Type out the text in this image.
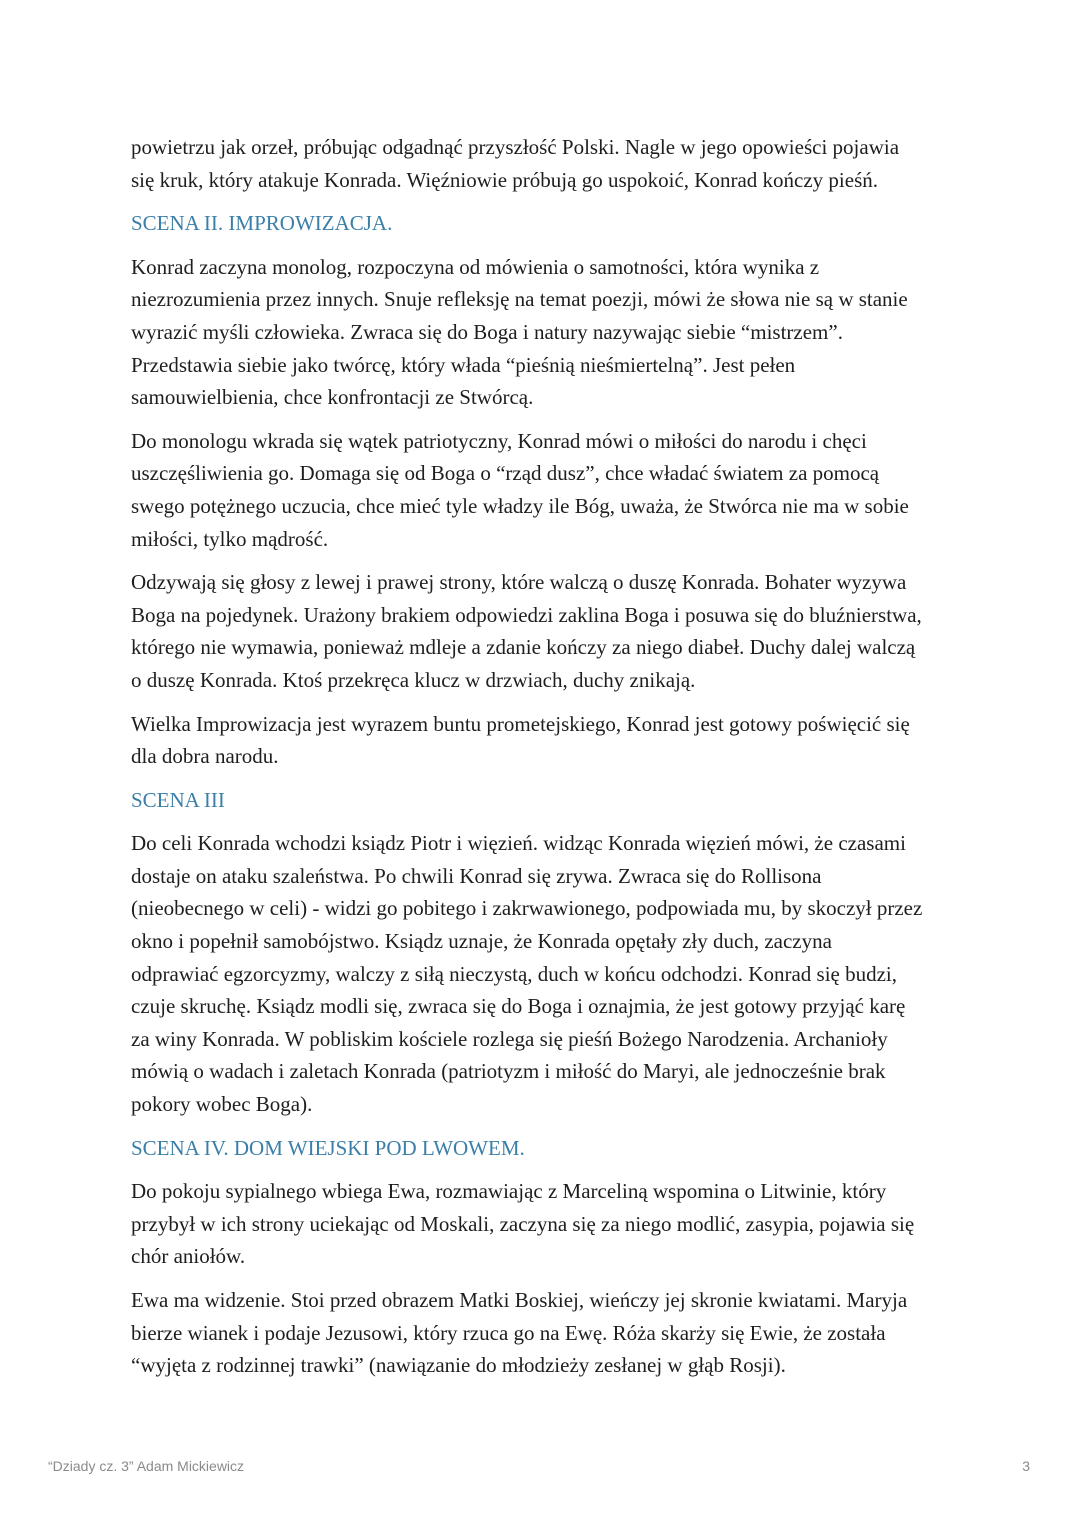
powietrzu jak orzeł, próbując odgadnąć przyszłość Polski. Nagle w jego opowieści pojawia
się kruk, który atakuje Konrada. Więźniowie próbują go uspokoić, Konrad kończy pieśń.
SCENA II. IMPROWIZACJA.
Konrad zaczyna monolog, rozpoczyna od mówienia o samotności, która wynika z
niezrozumienia przez innych. Snuje refleksję na temat poezji, mówi że słowa nie są w stanie
wyrazić myśli człowieka. Zwraca się do Boga i natury nazywając siebie “mistrzem”.
Przedstawia siebie jako twórcę, który włada “pieśnią nieśmiertelną”. Jest pełen
samouwielbienia, chce konfrontacji ze Stwórcą.
Do monologu wkrada się wątek patriotyczny, Konrad mówi o miłości do narodu i chęci
uszczęśliwienia go. Domaga się od Boga o “rząd dusz”, chce władać światem za pomocą
swego potężnego uczucia, chce mieć tyle władzy ile Bóg, uważa, że Stwórca nie ma w sobie
miłości, tylko mądrość.
Odzywają się głosy z lewej i prawej strony, które walczą o duszę Konrada. Bohater wyzywa
Boga na pojedynek. Urażony brakiem odpowiedzi zaklina Boga i posuwa się do bluźnierstwa,
którego nie wymawia, ponieważ mdleje a zdanie kończy za niego diabeł. Duchy dalej walczą
o duszę Konrada. Ktoś przekręca klucz w drzwiach, duchy znikają.
Wielka Improwizacja jest wyrazem buntu prometejskiego, Konrad jest gotowy poświęcić się
dla dobra narodu.
SCENA III
Do celi Konrada wchodzi ksiądz Piotr i więzień. widząc Konrada więzień mówi, że czasami
dostaje on ataku szaleństwa. Po chwili Konrad się zrywa. Zwraca się do Rollisona
(nieobecnego w celi) - widzi go pobitego i zakrwawionego, podpowiada mu, by skoczył przez
okno i popełnił samobójstwo. Ksiądz uznaje, że Konrada opętały zły duch, zaczyna
odprawiać egzorcyzmy, walczy z siłą nieczystą, duch w końcu odchodzi. Konrad się budzi,
czuje skruchę. Ksiądz modli się, zwraca się do Boga i oznajmia, że jest gotowy przyjąć karę
za winy Konrada. W pobliskim kościele rozlega się pieśń Bożego Narodzenia. Archanioły
mówią o wadach i zaletach Konrada (patriotyzm i miłość do Maryi, ale jednocześnie brak
pokory wobec Boga).
SCENA IV. DOM WIEJSKI POD LWOWEM.
Do pokoju sypialnego wbiega Ewa, rozmawiając z Marceliną wspomina o Litwinie, który
przybył w ich strony uciekając od Moskali, zaczyna się za niego modlić, zasypia, pojawia się
chór aniołów.
Ewa ma widzenie. Stoi przed obrazem Matki Boskiej, wieńczy jej skronie kwiatami. Maryja
bierze wianek i podaje Jezusowi, który rzuca go na Ewę. Róża skarży się Ewie, że została
“wyjęta z rodzinnej trawki” (nawiązanie do młodzieży zesłanej w głąb Rosji).
“Dziady cz. 3” Adam Mickiewicz	3
